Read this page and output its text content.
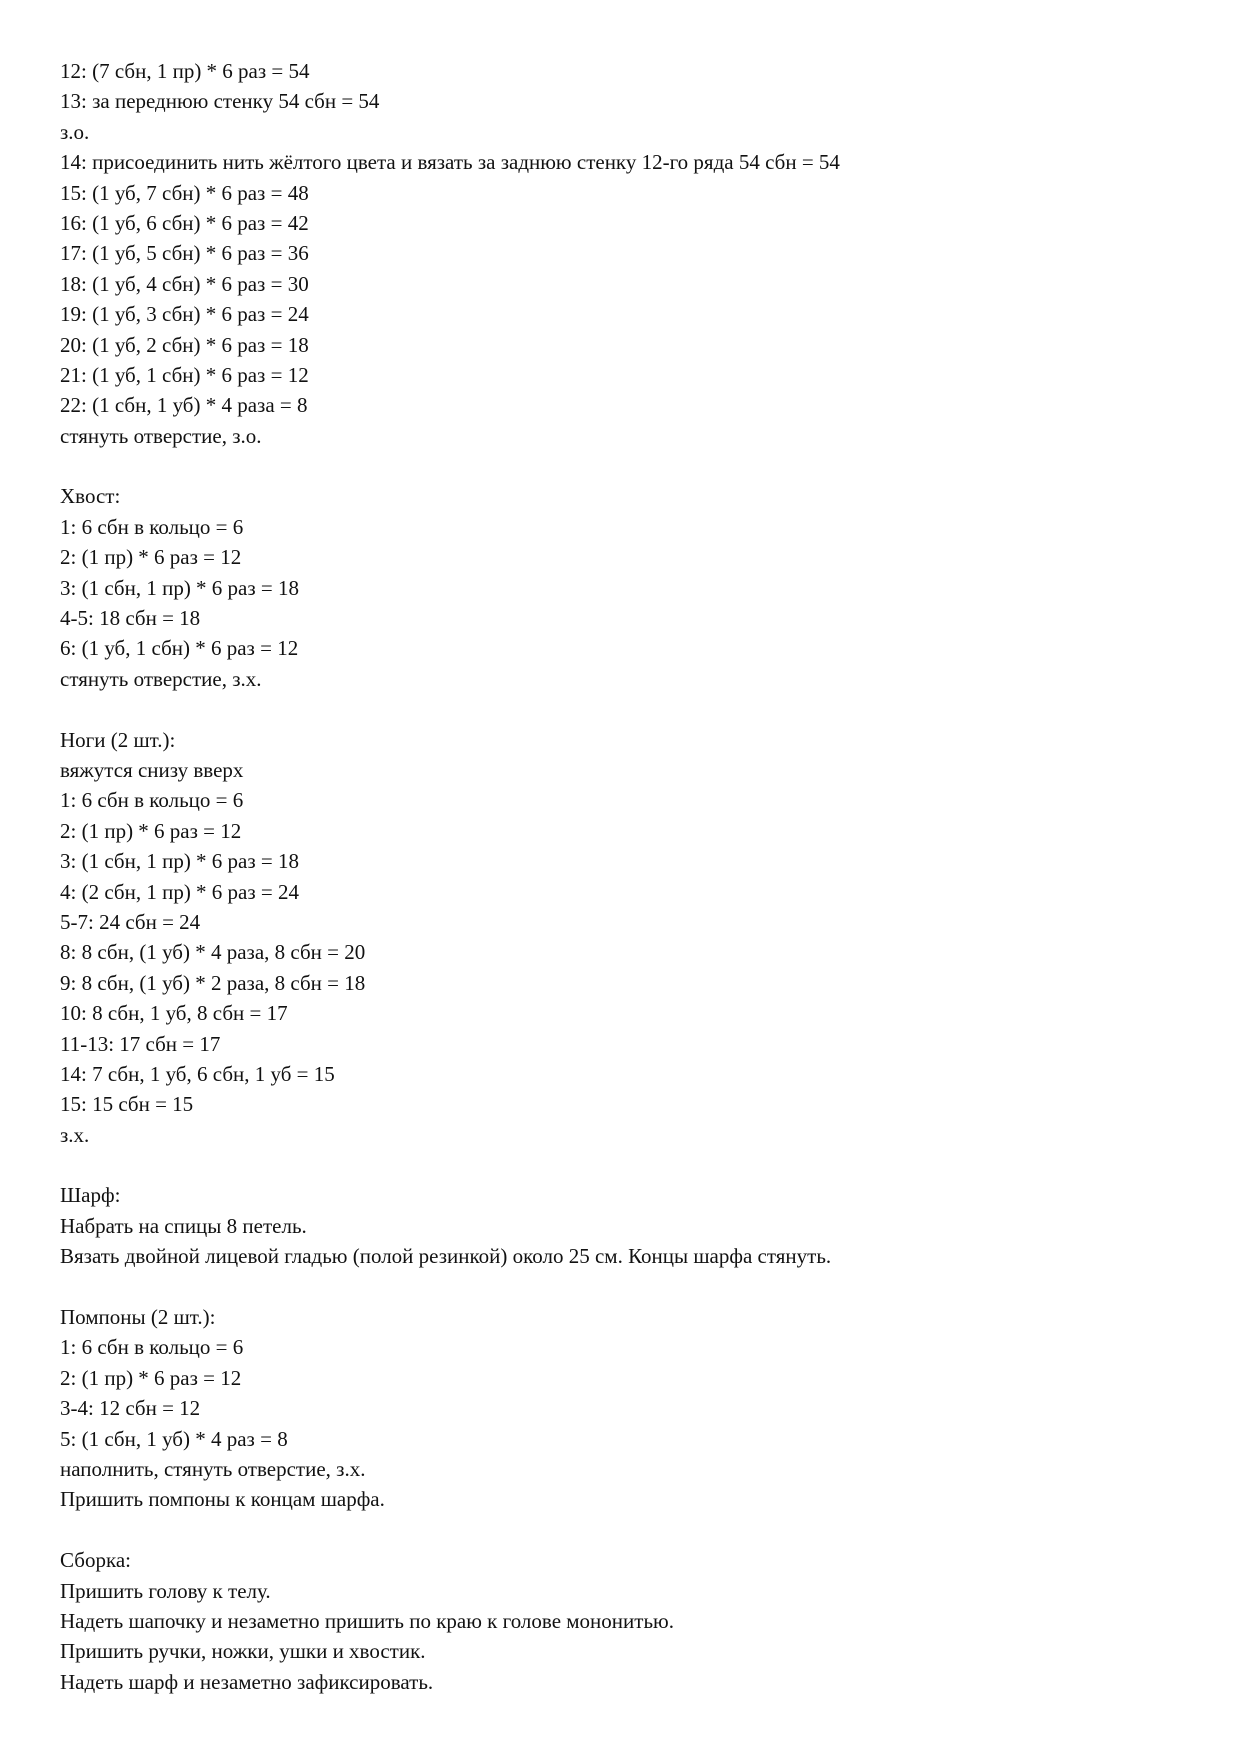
12: (7 сбн, 1 пр) * 6 раз = 54
13: за переднюю стенку 54 сбн = 54
з.о.
14: присоединить нить жёлтого цвета и вязать за заднюю стенку 12-го ряда 54 сбн = 54
15: (1 уб, 7 сбн) * 6 раз = 48
16: (1 уб, 6 сбн) * 6 раз = 42
17: (1 уб, 5 сбн) * 6 раз = 36
18: (1 уб, 4 сбн) * 6 раз = 30
19: (1 уб, 3 сбн) * 6 раз = 24
20: (1 уб, 2 сбн) * 6 раз = 18
21: (1 уб, 1 сбн) * 6 раз = 12
22: (1 сбн, 1 уб) * 4 раза = 8
стянуть отверстие, з.о.
Хвост:
1: 6 сбн в кольцо = 6
2: (1 пр) * 6 раз = 12
3: (1 сбн, 1 пр) * 6 раз = 18
4-5: 18 сбн = 18
6: (1 уб, 1 сбн) * 6 раз = 12
стянуть отверстие, з.х.
Ноги (2 шт.):
вяжутся снизу вверх
1: 6 сбн в кольцо = 6
2: (1 пр) * 6 раз = 12
3: (1 сбн, 1 пр) * 6 раз = 18
4: (2 сбн, 1 пр) * 6 раз = 24
5-7: 24 сбн = 24
8: 8 сбн, (1 уб) * 4 раза, 8 сбн = 20
9: 8 сбн, (1 уб) * 2 раза, 8 сбн = 18
10: 8 сбн, 1 уб, 8 сбн = 17
11-13: 17 сбн = 17
14: 7 сбн, 1 уб, 6 сбн, 1 уб = 15
15: 15 сбн = 15
з.х.
Шарф:
Набрать на спицы 8 петель.
Вязать двойной лицевой гладью (полой резинкой) около 25 см. Концы шарфа стянуть.
Помпоны (2 шт.):
1: 6 сбн в кольцо = 6
2: (1 пр) * 6 раз = 12
3-4: 12 сбн = 12
5: (1 сбн, 1 уб) * 4 раз = 8
наполнить, стянуть отверстие, з.х.
Пришить помпоны к концам шарфа.
Сборка:
Пришить голову к телу.
Надеть шапочку и незаметно пришить по краю к голове мононитью.
Пришить ручки, ножки, ушки и хвостик.
Надеть шарф и незаметно зафиксировать.
